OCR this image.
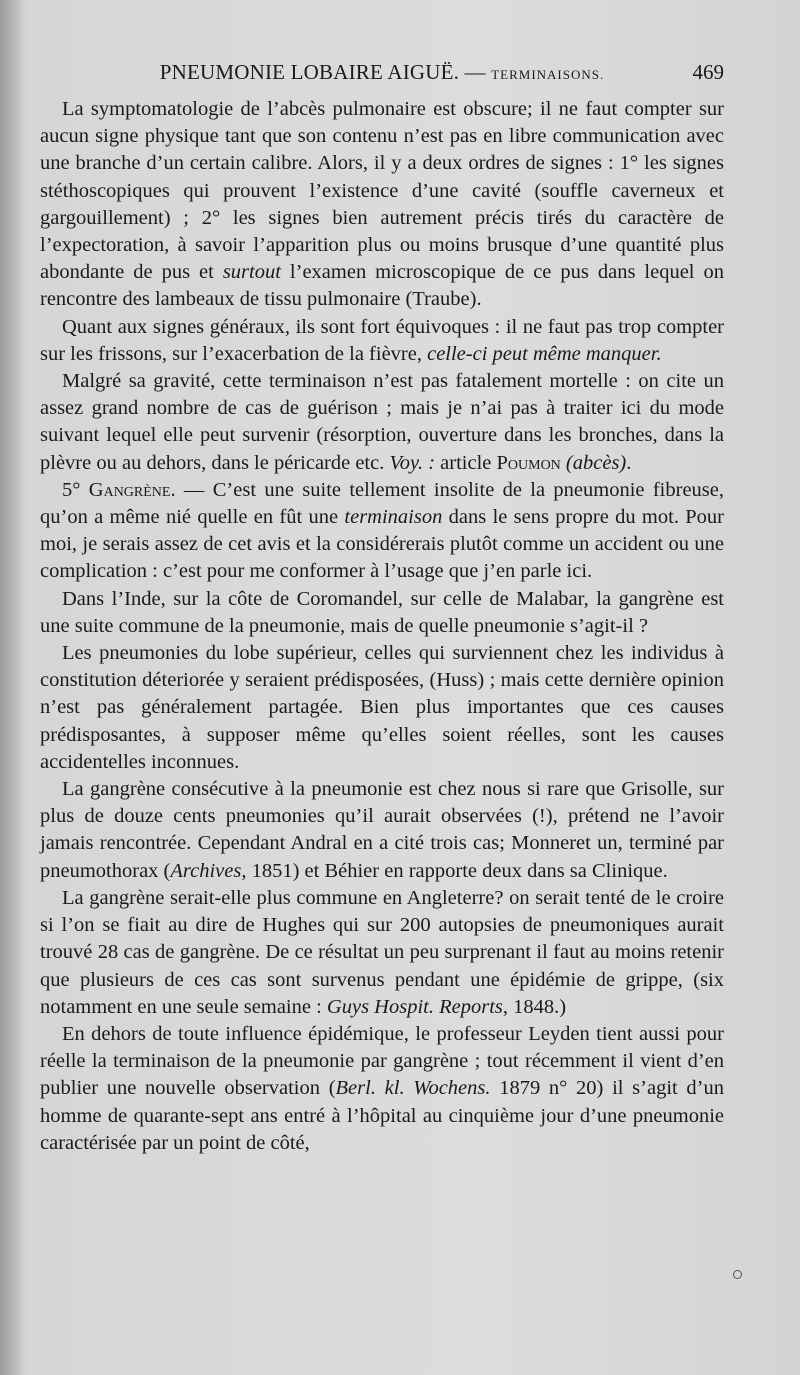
PNEUMONIE LOBAIRE AIGUË. — TERMINAISONS.	469

La symptomatologie de l’abcès pulmonaire est obscure; il ne faut compter sur aucun signe physique tant que son contenu n’est pas en libre communication avec une branche d’un certain calibre. Alors, il y a deux ordres de signes : 1° les signes stéthoscopiques qui prouvent l’existence d’une cavité (souffle caverneux et gargouillement) ; 2° les signes bien autrement précis tirés du caractère de l’expectoration, à savoir l’apparition plus ou moins brusque d’une quantité plus abondante de pus et surtout l’examen microscopique de ce pus dans lequel on rencontre des lambeaux de tissu pulmonaire (Traube).

Quant aux signes généraux, ils sont fort équivoques : il ne faut pas trop compter sur les frissons, sur l’exacerbation de la fièvre, celle-ci peut même manquer.

Malgré sa gravité, cette terminaison n’est pas fatalement mortelle : on cite un assez grand nombre de cas de guérison ; mais je n’ai pas à traiter ici du mode suivant lequel elle peut survenir (résorption, ouverture dans les bronches, dans la plèvre ou au dehors, dans le péricarde etc. Voy. : article Poumon (abcès).

5° Gangrène. — C’est une suite tellement insolite de la pneumonie fibreuse, qu’on a même nié quelle en fût une terminaison dans le sens propre du mot. Pour moi, je serais assez de cet avis et la considérerais plutôt comme un accident ou une complication : c’est pour me conformer à l’usage que j’en parle ici.

Dans l’Inde, sur la côte de Coromandel, sur celle de Malabar, la gangrène est une suite commune de la pneumonie, mais de quelle pneumonie s’agit-il ?

Les pneumonies du lobe supérieur, celles qui surviennent chez les individus à constitution déteriorée y seraient prédisposées, (Huss) ; mais cette dernière opinion n’est pas généralement partagée. Bien plus importantes que ces causes prédisposantes, à supposer même qu’elles soient réelles, sont les causes accidentelles inconnues.

La gangrène consécutive à la pneumonie est chez nous si rare que Grisolle, sur plus de douze cents pneumonies qu’il aurait observées (!), prétend ne l’avoir jamais rencontrée. Cependant Andral en a cité trois cas; Monneret un, terminé par pneumothorax (Archives, 1851) et Béhier en rapporte deux dans sa Clinique.

La gangrène serait-elle plus commune en Angleterre? on serait tenté de le croire si l’on se fiait au dire de Hughes qui sur 200 autopsies de pneumoniques aurait trouvé 28 cas de gangrène. De ce résultat un peu surprenant il faut au moins retenir que plusieurs de ces cas sont survenus pendant une épidémie de grippe, (six notamment en une seule semaine : Guys Hospit. Reports, 1848.)

En dehors de toute influence épidémique, le professeur Leyden tient aussi pour réelle la terminaison de la pneumonie par gangrène ; tout récemment il vient d’en publier une nouvelle observation (Berl. kl. Wochens. 1879 n° 20) il s’agit d’un homme de quarante-sept ans entré à l’hôpital au cinquième jour d’une pneumonie caractérisée par un point de côté,
